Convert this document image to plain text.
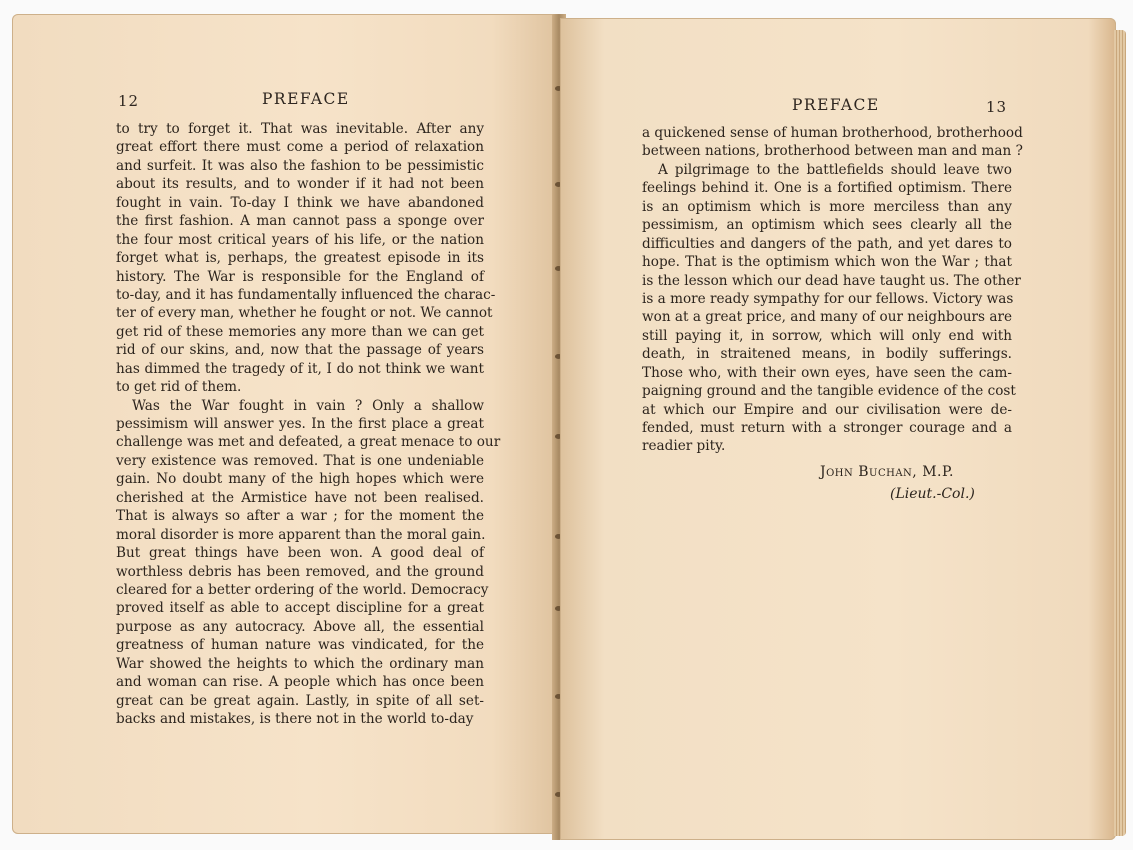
12	PREFACE
to try to forget it. That was inevitable. After any
great effort there must come a period of relaxation
and surfeit. It was also the fashion to be pessimistic
about its results, and to wonder if it had not been
fought in vain. To-day I think we have abandoned
the first fashion. A man cannot pass a sponge over
the four most critical years of his life, or the nation
forget what is, perhaps, the greatest episode in its
history. The War is responsible for the England of
to-day, and it has fundamentally influenced the charac-
ter of every man, whether he fought or not. We cannot
get rid of these memories any more than we can get
rid of our skins, and, now that the passage of years
has dimmed the tragedy of it, I do not think we want
to get rid of them.
Was the War fought in vain ? Only a shallow
pessimism will answer yes. In the first place a great
challenge was met and defeated, a great menace to our
very existence was removed. That is one undeniable
gain. No doubt many of the high hopes which were
cherished at the Armistice have not been realised.
That is always so after a war ; for the moment the
moral disorder is more apparent than the moral gain.
But great things have been won. A good deal of
worthless debris has been removed, and the ground
cleared for a better ordering of the world. Democracy
proved itself as able to accept discipline for a great
purpose as any autocracy. Above all, the essential
greatness of human nature was vindicated, for the
War showed the heights to which the ordinary man
and woman can rise. A people which has once been
great can be great again. Lastly, in spite of all set-
backs and mistakes, is there not in the world to-day
PREFACE	13
a quickened sense of human brotherhood, brotherhood
between nations, brotherhood between man and man ?
A pilgrimage to the battlefields should leave two
feelings behind it. One is a fortified optimism. There
is an optimism which is more merciless than any
pessimism, an optimism which sees clearly all the
difficulties and dangers of the path, and yet dares to
hope. That is the optimism which won the War ; that
is the lesson which our dead have taught us. The other
is a more ready sympathy for our fellows. Victory was
won at a great price, and many of our neighbours are
still paying it, in sorrow, which will only end with
death, in straitened means, in bodily sufferings.
Those who, with their own eyes, have seen the cam-
paigning ground and the tangible evidence of the cost
at which our Empire and our civilisation were de-
fended, must return with a stronger courage and a
readier pity.
John Buchan, M.P.
(Lieut.-Col.)
